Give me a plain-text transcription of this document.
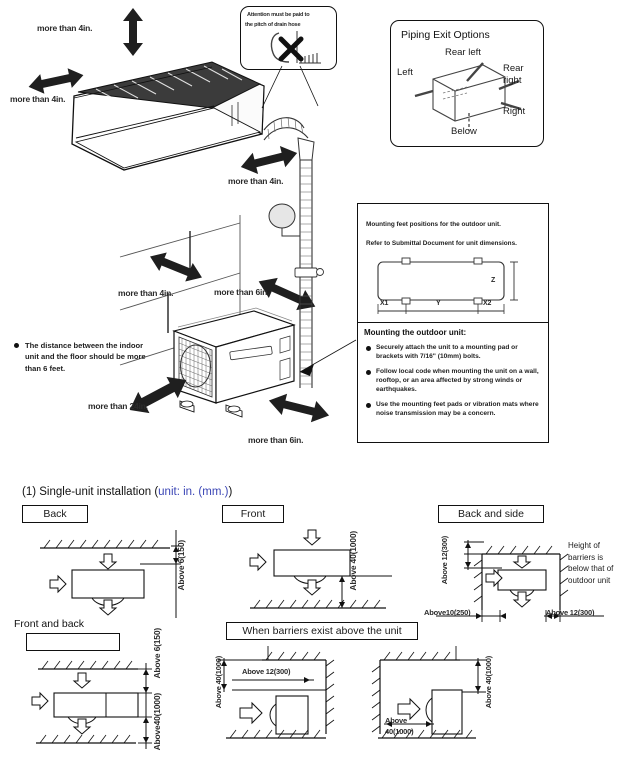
more than 4in.
more than 4in.
more than 4in.
Attention must be paid to
the pitch of drain hose
Piping Exit Options
Left
Rear left
Rear
right
Right
Below
more than 4in.	more than 6in.
The distance between the indoor unit and the floor should be more than 6 feet.
more than 24in.
more than 6in.
Mounting feet positions for the outdoor unit.
Refer to Submittal Document for unit dimensions.
X1	Y	X2
Z
Mounting the outdoor unit:
Securely attach the unit to a mounting pad or brackets with 7/16" (10mm) bolts.
Follow local code when mounting the unit on a wall, rooftop, or an area affected by strong winds or earthquakes.
Use the mounting feet pads or vibration mats where noise transmission may be a concern.
(1) Single-unit installation (unit: in. (mm.))
Back
Above 6(150)
Front
Above 40(1000)
Back and side
Above 12(300)
Above10(250)	Above 12(300)
Height of barriers is below that of outdoor unit
Front and back
Above 6(150)
Above40(1000)
When barriers exist above the unit
Above 40(1000)	Above 12(300)	Above 40(1000)
Above
40(1000)
